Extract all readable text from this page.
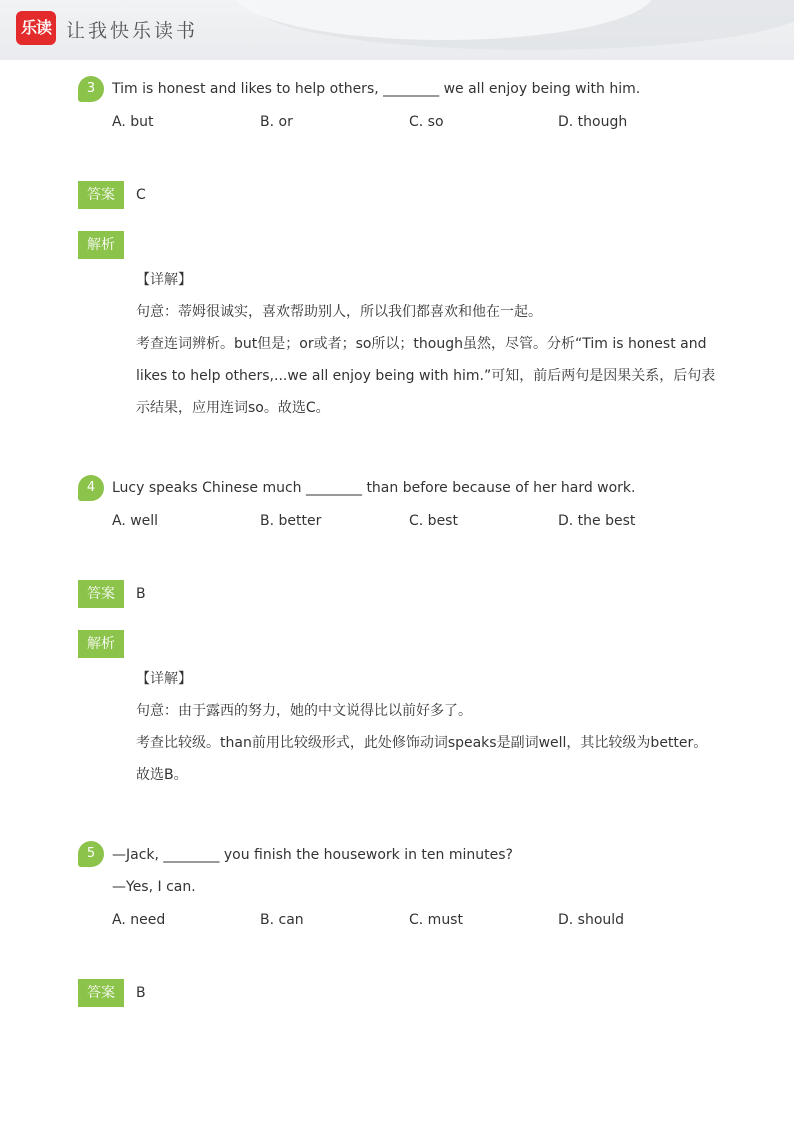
乐读 让我快乐读书
3	Tim is honest and likes to help others, ________ we all enjoy being with him.
A. but	B. or	C. so	D. though
答案	C
解析
【详解】
句意：蒂姆很诚实，喜欢帮助别人，所以我们都喜欢和他在一起。
考查连词辨析。but但是；or或者；so所以；though虽然，尽管。分析“Tim is honest and
likes to help others,...we all enjoy being with him.”可知，前后两句是因果关系，后句表
示结果，应用连词so。故选C。
4	Lucy speaks Chinese much ________ than before because of her hard work.
A. well	B. better	C. best	D. the best
答案	B
解析
【详解】
句意：由于露西的努力，她的中文说得比以前好多了。
考查比较级。than前用比较级形式，此处修饰动词speaks是副词well，其比较级为better。
故选B。
5	—Jack, ________ you finish the housework in ten minutes?
—Yes, I can.
A. need	B. can	C. must	D. should
答案	B
